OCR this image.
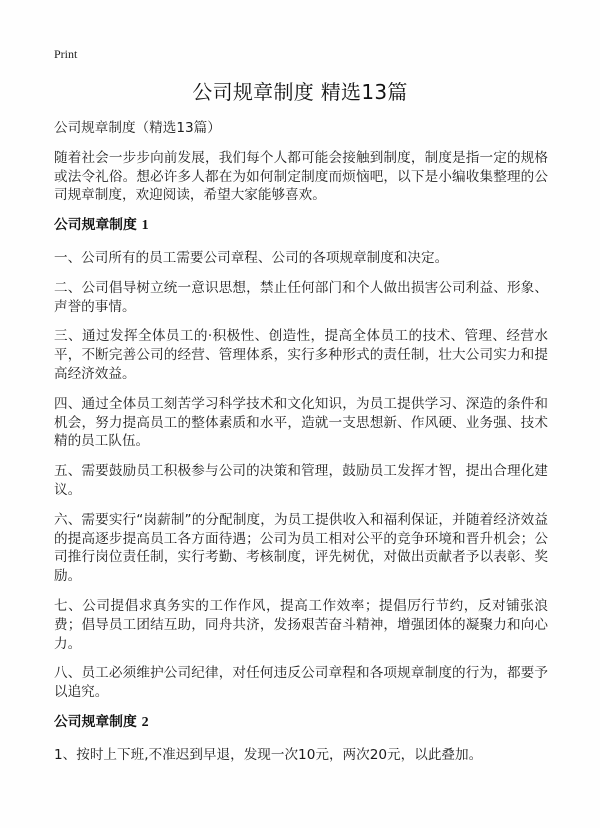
Print
公司规章制度 精选13篇

公司规章制度（精选13篇）

随着社会一步步向前发展，我们每个人都可能会接触到制度，制度是指一定的规格或法令礼俗。想必许多人都在为如何制定制度而烦恼吧，以下是小编收集整理的公司规章制度，欢迎阅读，希望大家能够喜欢。

公司规章制度 1

一、公司所有的员工需要公司章程、公司的各项规章制度和决定。

二、公司倡导树立统一意识思想，禁止任何部门和个人做出损害公司利益、形象、声誉的事情。

三、通过发挥全体员工的·积极性、创造性，提高全体员工的技术、管理、经营水平，不断完善公司的经营、管理体系，实行多种形式的责任制，壮大公司实力和提高经济效益。

四、通过全体员工刻苦学习科学技术和文化知识，为员工提供学习、深造的条件和机会，努力提高员工的整体素质和水平，造就一支思想新、作风硬、业务强、技术精的员工队伍。

五、需要鼓励员工积极参与公司的决策和管理，鼓励员工发挥才智，提出合理化建议。

六、需要实行“岗薪制”的分配制度，为员工提供收入和福利保证，并随着经济效益的提高逐步提高员工各方面待遇；公司为员工相对公平的竞争环境和晋升机会；公司推行岗位责任制，实行考勤、考核制度，评先树优，对做出贡献者予以表彰、奖励。

七、公司提倡求真务实的工作作风，提高工作效率；提倡厉行节约，反对铺张浪费；倡导员工团结互助，同舟共济，发扬艰苦奋斗精神，增强团体的凝聚力和向心力。

八、员工必须维护公司纪律，对任何违反公司章程和各项规章制度的行为，都要予以追究。

公司规章制度 2

1、按时上下班,不准迟到早退，发现一次10元，两次20元，以此叠加。
